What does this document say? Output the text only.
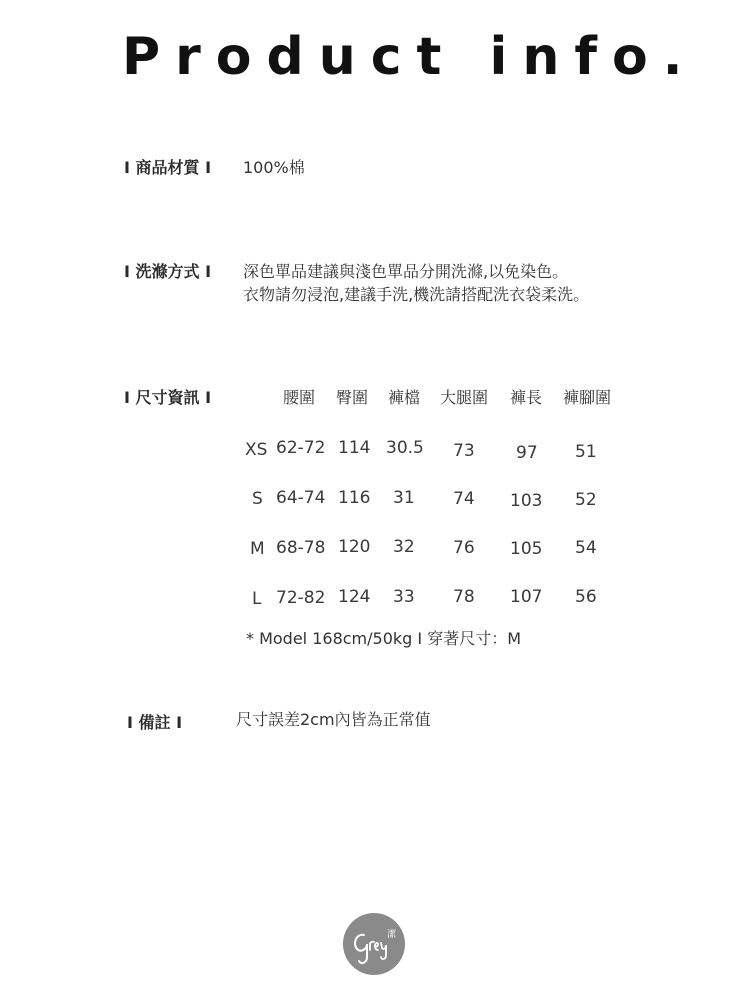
Product info.
I 商品材質 I 100%棉
I 洗滌方式 I 深色單品建議與淺色單品分開洗滌,以免染色。
衣物請勿浸泡,建議手洗,機洗請搭配洗衣袋柔洗。
I 尺寸資訊 I	腰圍 臀圍 褲檔 大腿圍 褲長 褲腳圍
XS 62-72 114 30.5 73 97 51
S 64-74 116 31 74 103 52
M 68-78 120 32 76 105 54
L 72-82 124 33 78 107 56
* Model 168cm/50kg I 穿著尺寸：M
I 備註 I	尺寸誤差2cm內皆為正常值
潔
